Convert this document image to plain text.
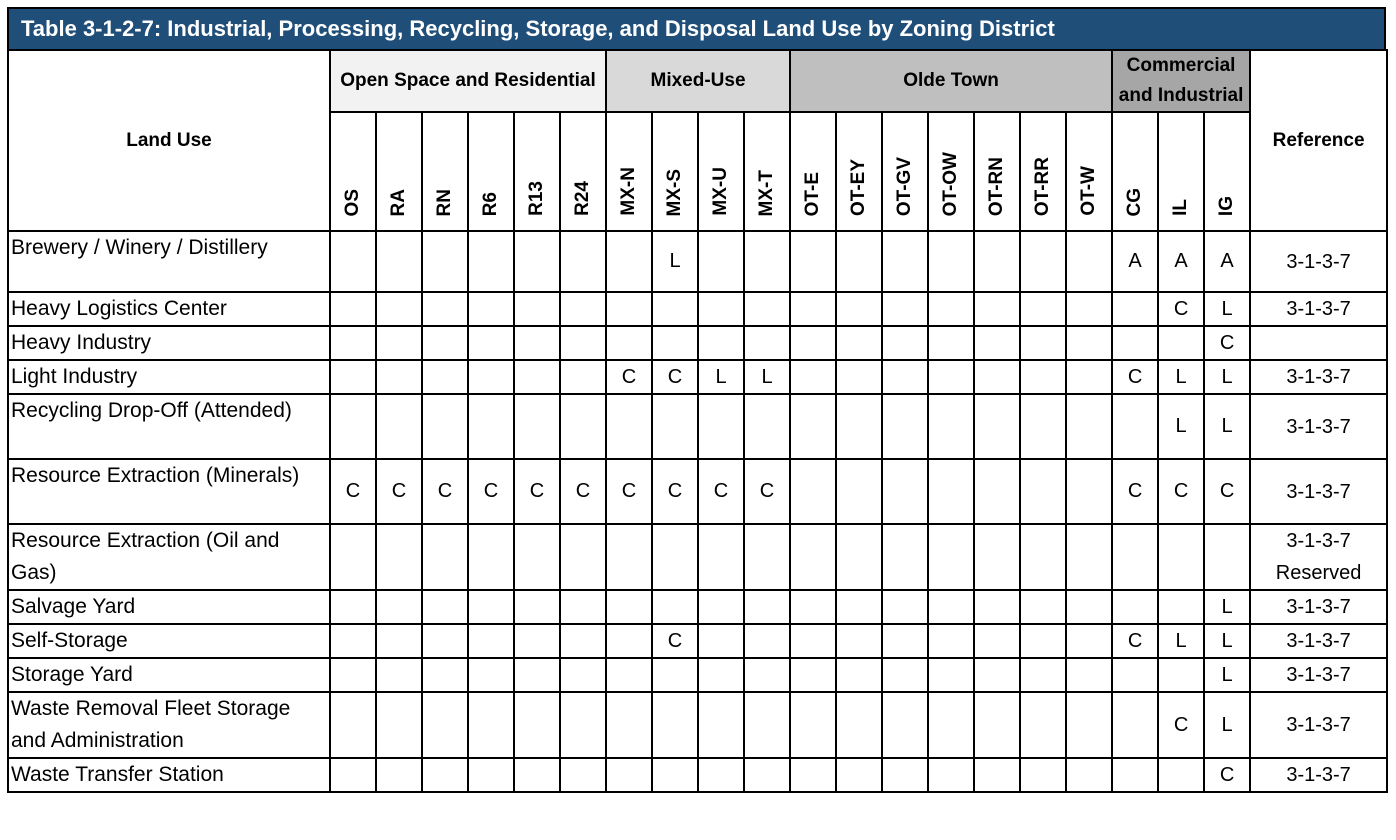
Table 3-1-2-7: Industrial, Processing, Recycling, Storage, and Disposal Land Use by Zoning District
Land Use	Open Space and Residential						Mixed-Use				Olde Town							Commercial and Industrial			Reference
	OS	RA	RN	R6	R13	R24	MX-N	MX-S	MX-U	MX-T	OT-E	OT-EY	OT-GV	OT-OW	OT-RN	OT-RR	OT-W	CG	IL	IG	
Brewery / Winery / Distillery								L										A	A	A	3-1-3-7

Heavy Logistics Center																			C	L	3-1-3-7

Heavy Industry																				C	

Light Industry							C	C	L	L								C	L	L	3-1-3-7

Recycling Drop-Off (Attended)																			L	L	3-1-3-7

Resource Extraction (Minerals)	C	C	C	C	C	C	C	C	C	C								C	C	C	3-1-3-7

Resource Extraction (Oil and Gas)																					3-1-3-7
Reserved

Salvage Yard																				L	3-1-3-7

Self-Storage								C										C	L	L	3-1-3-7

Storage Yard																				L	3-1-3-7

Waste Removal Fleet Storage and Administration																			C	L	3-1-3-7

Waste Transfer Station																				C	3-1-3-7
